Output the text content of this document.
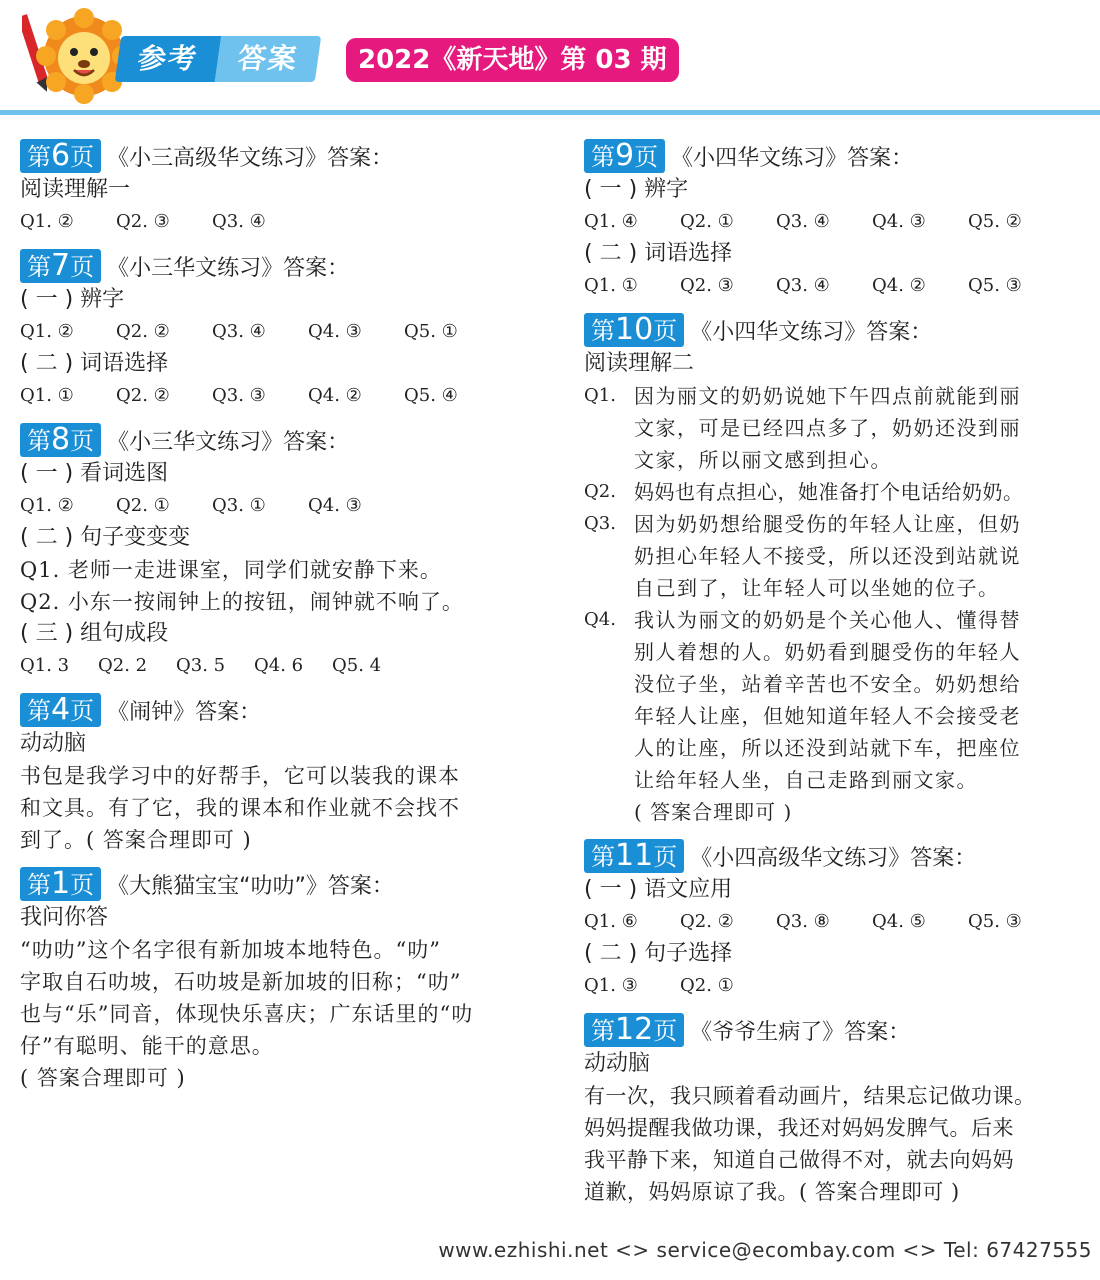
参考	答案	2022《新天地》第 03 期
第6页 《小三高级华文练习》答案：
阅读理解一
Q1. ②	Q2. ③	Q3. ④
第7页 《小三华文练习》答案：
( 一 ) 辨字
Q1. ②	Q2. ②	Q3. ④	Q4. ③	Q5. ①
( 二 ) 词语选择
Q1. ①	Q2. ②	Q3. ③	Q4. ②	Q5. ④
第8页 《小三华文练习》答案：
( 一 ) 看词选图
Q1. ②	Q2. ①	Q3. ①	Q4. ③
( 二 ) 句子变变变
Q1. 老师一走进课室，同学们就安静下来。
Q2. 小东一按闹钟上的按钮，闹钟就不响了。
( 三 ) 组句成段
Q1. 3	Q2. 2	Q3. 5	Q4. 6	Q5. 4
第4页 《闹钟》答案：
动动脑
书包是我学习中的好帮手，它可以装我的课本
和文具。有了它，我的课本和作业就不会找不
到了。( 答案合理即可 )
第1页 《大熊猫宝宝“叻叻”》答案：
我问你答
“叻叻”这个名字很有新加坡本地特色。“叻”
字取自石叻坡，石叻坡是新加坡的旧称；“叻”
也与“乐”同音，体现快乐喜庆；广东话里的“叻
仔”有聪明、能干的意思。
( 答案合理即可 )
第9页 《小四华文练习》答案：
( 一 ) 辨字
Q1. ④	Q2. ①	Q3. ④	Q4. ③	Q5. ②
( 二 ) 词语选择
Q1. ①	Q2. ③	Q3. ④	Q4. ②	Q5. ③
第10页 《小四华文练习》答案：
阅读理解二
Q1. 因为丽文的奶奶说她下午四点前就能到丽
文家，可是已经四点多了，奶奶还没到丽
文家，所以丽文感到担心。
Q2. 妈妈也有点担心，她准备打个电话给奶奶。
Q3. 因为奶奶想给腿受伤的年轻人让座，但奶
奶担心年轻人不接受，所以还没到站就说
自己到了，让年轻人可以坐她的位子。
Q4. 我认为丽文的奶奶是个关心他人、懂得替
别人着想的人。奶奶看到腿受伤的年轻人
没位子坐，站着辛苦也不安全。奶奶想给
年轻人让座，但她知道年轻人不会接受老
人的让座，所以还没到站就下车，把座位
让给年轻人坐，自己走路到丽文家。
( 答案合理即可 )
第11页 《小四高级华文练习》答案：
( 一 ) 语文应用
Q1. ⑥	Q2. ②	Q3. ⑧	Q4. ⑤	Q5. ③
( 二 ) 句子选择
Q1. ③	Q2. ①
第12页 《爷爷生病了》答案：
动动脑
有一次，我只顾着看动画片，结果忘记做功课。
妈妈提醒我做功课，我还对妈妈发脾气。后来
我平静下来，知道自己做得不对，就去向妈妈
道歉，妈妈原谅了我。( 答案合理即可 )
www.ezhishi.net <> service@ecombay.com <> Tel: 67427555
